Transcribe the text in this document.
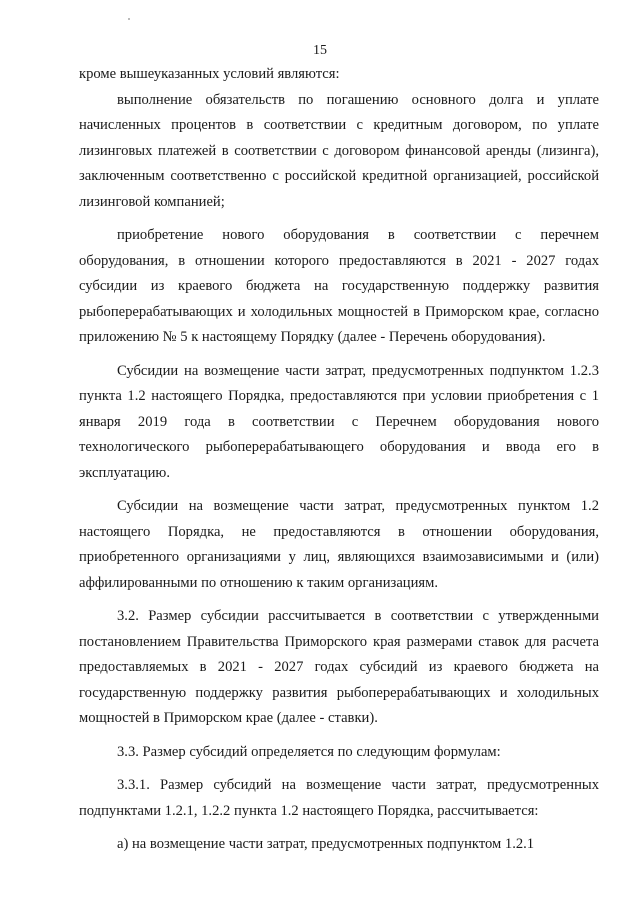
15

кроме вышеуказанных условий являются:

выполнение обязательств по погашению основного долга и уплате начисленных процентов в соответствии с кредитным договором, по уплате лизинговых платежей в соответствии с договором финансовой аренды (лизинга), заключенным соответственно с российской кредитной организацией, российской лизинговой компанией;

приобретение нового оборудования в соответствии с перечнем оборудования, в отношении которого предоставляются в 2021 - 2027 годах субсидии из краевого бюджета на государственную поддержку развития рыбоперерабатывающих и холодильных мощностей в Приморском крае, согласно приложению № 5 к настоящему Порядку (далее - Перечень оборудования).

Субсидии на возмещение части затрат, предусмотренных подпунктом 1.2.3 пункта 1.2 настоящего Порядка, предоставляются при условии приобретения с 1 января 2019 года в соответствии с Перечнем оборудования нового технологического рыбоперерабатывающего оборудования и ввода его в эксплуатацию.

Субсидии на возмещение части затрат, предусмотренных пунктом 1.2 настоящего Порядка, не предоставляются в отношении оборудования, приобретенного организациями у лиц, являющихся взаимозависимыми и (или) аффилированными по отношению к таким организациям.

3.2. Размер субсидии рассчитывается в соответствии с утвержденными постановлением Правительства Приморского края размерами ставок для расчета предоставляемых в 2021 - 2027 годах субсидий из краевого бюджета на государственную поддержку развития рыбоперерабатывающих и холодильных мощностей в Приморском крае (далее - ставки).

3.3. Размер субсидий определяется по следующим формулам:

3.3.1. Размер субсидий на возмещение части затрат, предусмотренных подпунктами 1.2.1, 1.2.2 пункта 1.2 настоящего Порядка, рассчитывается:

а) на возмещение части затрат, предусмотренных подпунктом 1.2.1
